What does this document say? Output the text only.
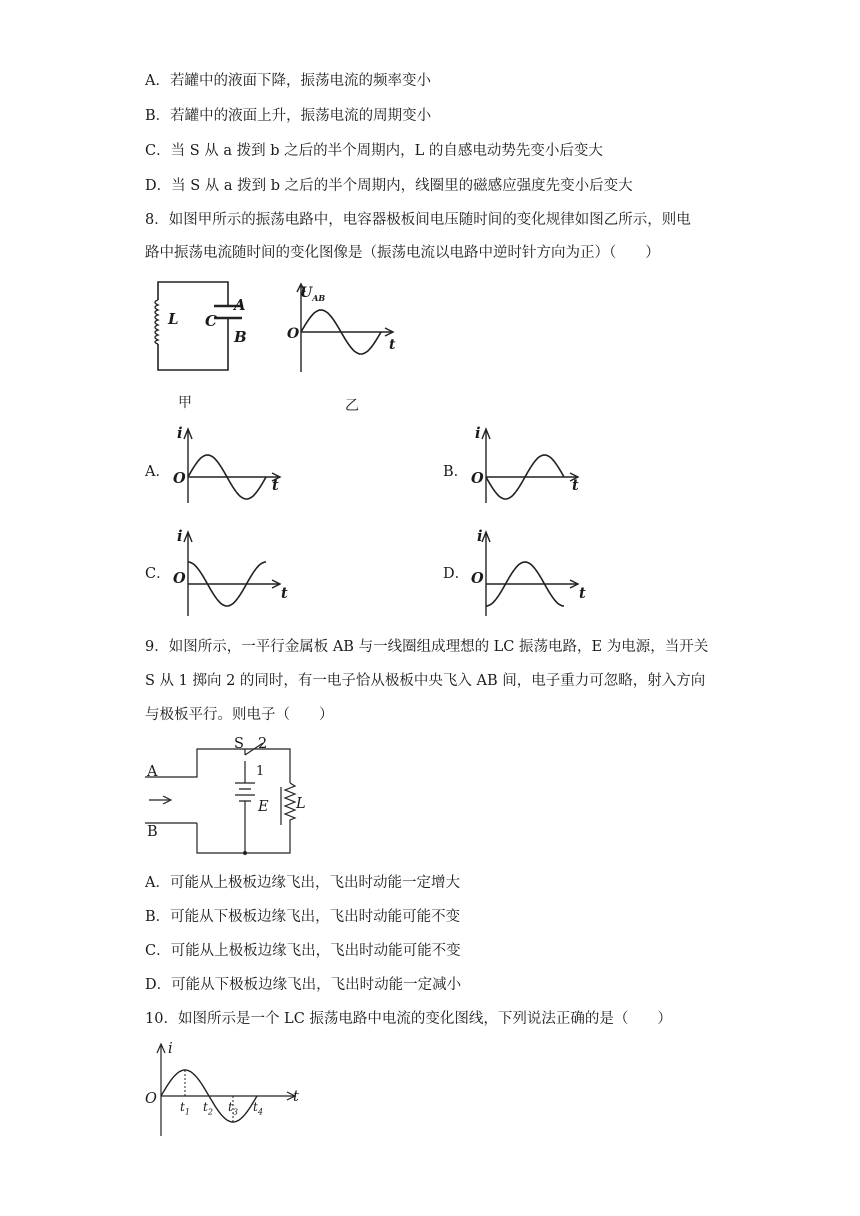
A．若罐中的液面下降，振荡电流的频率变小
B．若罐中的液面上升，振荡电流的周期变小
C．当 S 从 a 拨到 b 之后的半个周期内，L 的自感电动势先变小后变大
D．当 S 从 a 拨到 b 之后的半个周期内，线圈里的磁感应强度先变小后变大
8．如图甲所示的振荡电路中，电容器极板间电压随时间的变化规律如图乙所示，则电
路中振荡电流随时间的变化图像是（振荡电流以电路中逆时针方向为正）（　　）
L C
A
B
甲
$U_{AB}$
O
t
乙
A．	B．
C．	D．
i
O	t
i
O	t
i
O
t
i
O
t
9．如图所示，一平行金属板 AB 与一线圈组成理想的 LC 振荡电路，E 为电源，当开关
S 从 1 掷向 2 的同时，有一电子恰从极板中央飞入 AB 间，电子重力可忽略，射入方向
与极板平行。则电子（　　）
S 2
1
A
B
E L
A．可能从上极板边缘飞出，飞出时动能一定增大
B．可能从下极板边缘飞出，飞出时动能可能不变
C．可能从上极板边缘飞出，飞出时动能可能不变
D．可能从下极板边缘飞出，飞出时动能一定减小
10．如图所示是一个 LC 振荡电路中电流的变化图线，下列说法正确的是（　　）
i
O	t
$t_1$ $t_2$ $t_3$ $t_4$
